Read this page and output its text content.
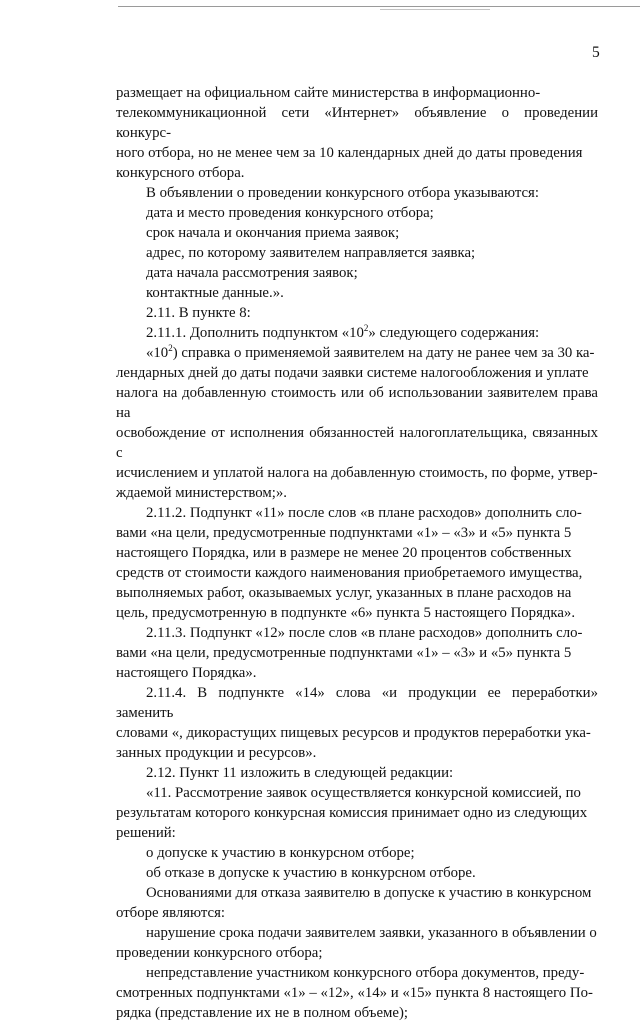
5
размещает на официальном сайте министерства в информационно-
телекоммуникационной сети «Интернет» объявление о проведении конкурс-
ного отбора, но не менее чем за 10 календарных дней до даты проведения
конкурсного отбора.
В объявлении о проведении конкурсного отбора указываются:
дата и место проведения конкурсного отбора;
срок начала и окончания приема заявок;
адрес, по которому заявителем направляется заявка;
дата начала рассмотрения заявок;
контактные данные.».
2.11. В пункте 8:
2.11.1. Дополнить подпунктом «$10^2$» следующего содержания:
«$10^2$) справка о применяемой заявителем на дату не ранее чем за 30 ка-
лендарных дней до даты подачи заявки системе налогообложения и уплате
налога на добавленную стоимость или об использовании заявителем права на
освобождение от исполнения обязанностей налогоплательщика, связанных с
исчислением и уплатой налога на добавленную стоимость, по форме, утвер-
ждаемой министерством;».
2.11.2. Подпункт «11» после слов «в плане расходов» дополнить сло-
вами «на цели, предусмотренные подпунктами «1» – «3» и «5» пункта 5
настоящего Порядка, или в размере не менее 20 процентов собственных
средств от стоимости каждого наименования приобретаемого имущества,
выполняемых работ, оказываемых услуг, указанных в плане расходов на
цель, предусмотренную в подпункте «6» пункта 5 настоящего Порядка».
2.11.3. Подпункт «12» после слов «в плане расходов» дополнить сло-
вами «на цели, предусмотренные подпунктами «1» – «3» и «5» пункта 5
настоящего Порядка».
2.11.4. В подпункте «14» слова «и продукции ее переработки» заменить
словами «, дикорастущих пищевых ресурсов и продуктов переработки ука-
занных продукции и ресурсов».
2.12. Пункт 11 изложить в следующей редакции:
«11. Рассмотрение заявок осуществляется конкурсной комиссией, по
результатам которого конкурсная комиссия принимает одно из следующих
решений:
о допуске к участию в конкурсном отборе;
об отказе в допуске к участию в конкурсном отборе.
Основаниями для отказа заявителю в допуске к участию в конкурсном
отборе являются:
нарушение срока подачи заявителем заявки, указанного в объявлении о
проведении конкурсного отбора;
непредставление участником конкурсного отбора документов, преду-
смотренных подпунктами «1» – «12», «14» и «15» пункта 8 настоящего По-
рядка (представление их не в полном объеме);
